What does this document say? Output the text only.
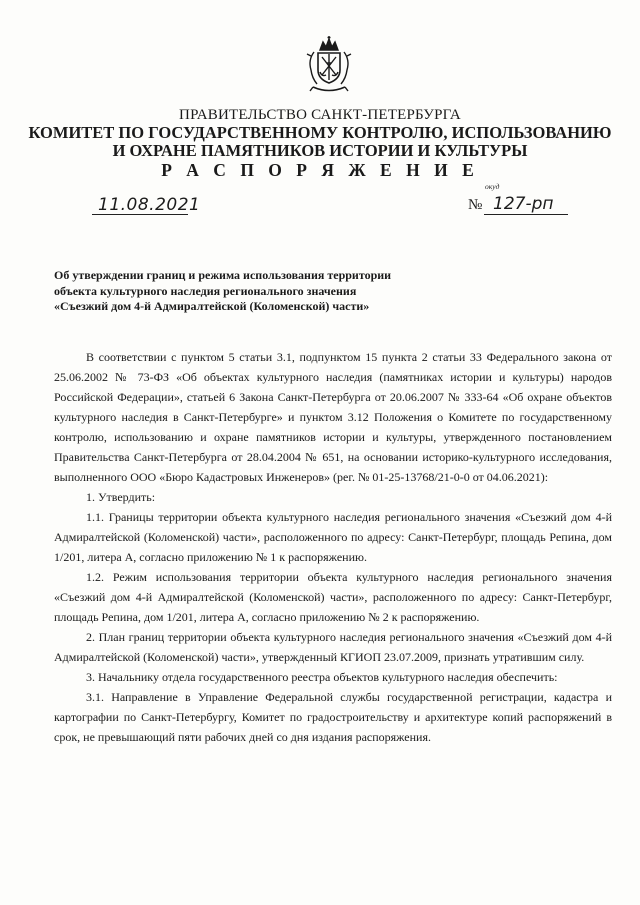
ПРАВИТЕЛЬСТВО САНКТ-ПЕТЕРБУРГА
КОМИТЕТ ПО ГОСУДАРСТВЕННОМУ КОНТРОЛЮ, ИСПОЛЬЗОВАНИЮ
И ОХРАНЕ ПАМЯТНИКОВ ИСТОРИИ И КУЛЬТУРЫ
Р А С П О Р Я Ж Е Н И Е
11.08.2021
окуд
№ 127-рп
Об утверждении границ и режима использования территории
объекта культурного наследия регионального значения
«Съезжий дом 4-й Адмиралтейской (Коломенской) части»

В соответствии с пунктом 5 статьи 3.1, подпунктом 15 пункта 2 статьи 33 Федерального закона от 25.06.2002 № 73-ФЗ «Об объектах культурного наследия (памятниках истории и культуры) народов Российской Федерации», статьей 6 Закона Санкт-Петербурга от 20.06.2007 № 333-64 «Об охране объектов культурного наследия в Санкт-Петербурге» и пунктом 3.12 Положения о Комитете по государственному контролю, использованию и охране памятников истории и культуры, утвержденного постановлением Правительства Санкт-Петербурга от 28.04.2004 № 651, на основании историко-культурного исследования, выполненного ООО «Бюро Кадастровых Инженеров» (рег. № 01-25-13768/21-0-0 от 04.06.2021):

1. Утвердить:

1.1. Границы территории объекта культурного наследия регионального значения «Съезжий дом 4-й Адмиралтейской (Коломенской) части», расположенного по адресу: Санкт-Петербург, площадь Репина, дом 1/201, литера А, согласно приложению № 1 к распоряжению.

1.2. Режим использования территории объекта культурного наследия регионального значения «Съезжий дом 4-й Адмиралтейской (Коломенской) части», расположенного по адресу: Санкт-Петербург, площадь Репина, дом 1/201, литера А, согласно приложению № 2 к распоряжению.

2. План границ территории объекта культурного наследия регионального значения «Съезжий дом 4-й Адмиралтейской (Коломенской) части», утвержденный КГИОП 23.07.2009, признать утратившим силу.

3. Начальнику отдела государственного реестра объектов культурного наследия обеспечить:

3.1. Направление в Управление Федеральной службы государственной регистрации, кадастра и картографии по Санкт-Петербургу, Комитет по градостроительству и архитектуре копий распоряжений в срок, не превышающий пяти рабочих дней со дня издания распоряжения.
